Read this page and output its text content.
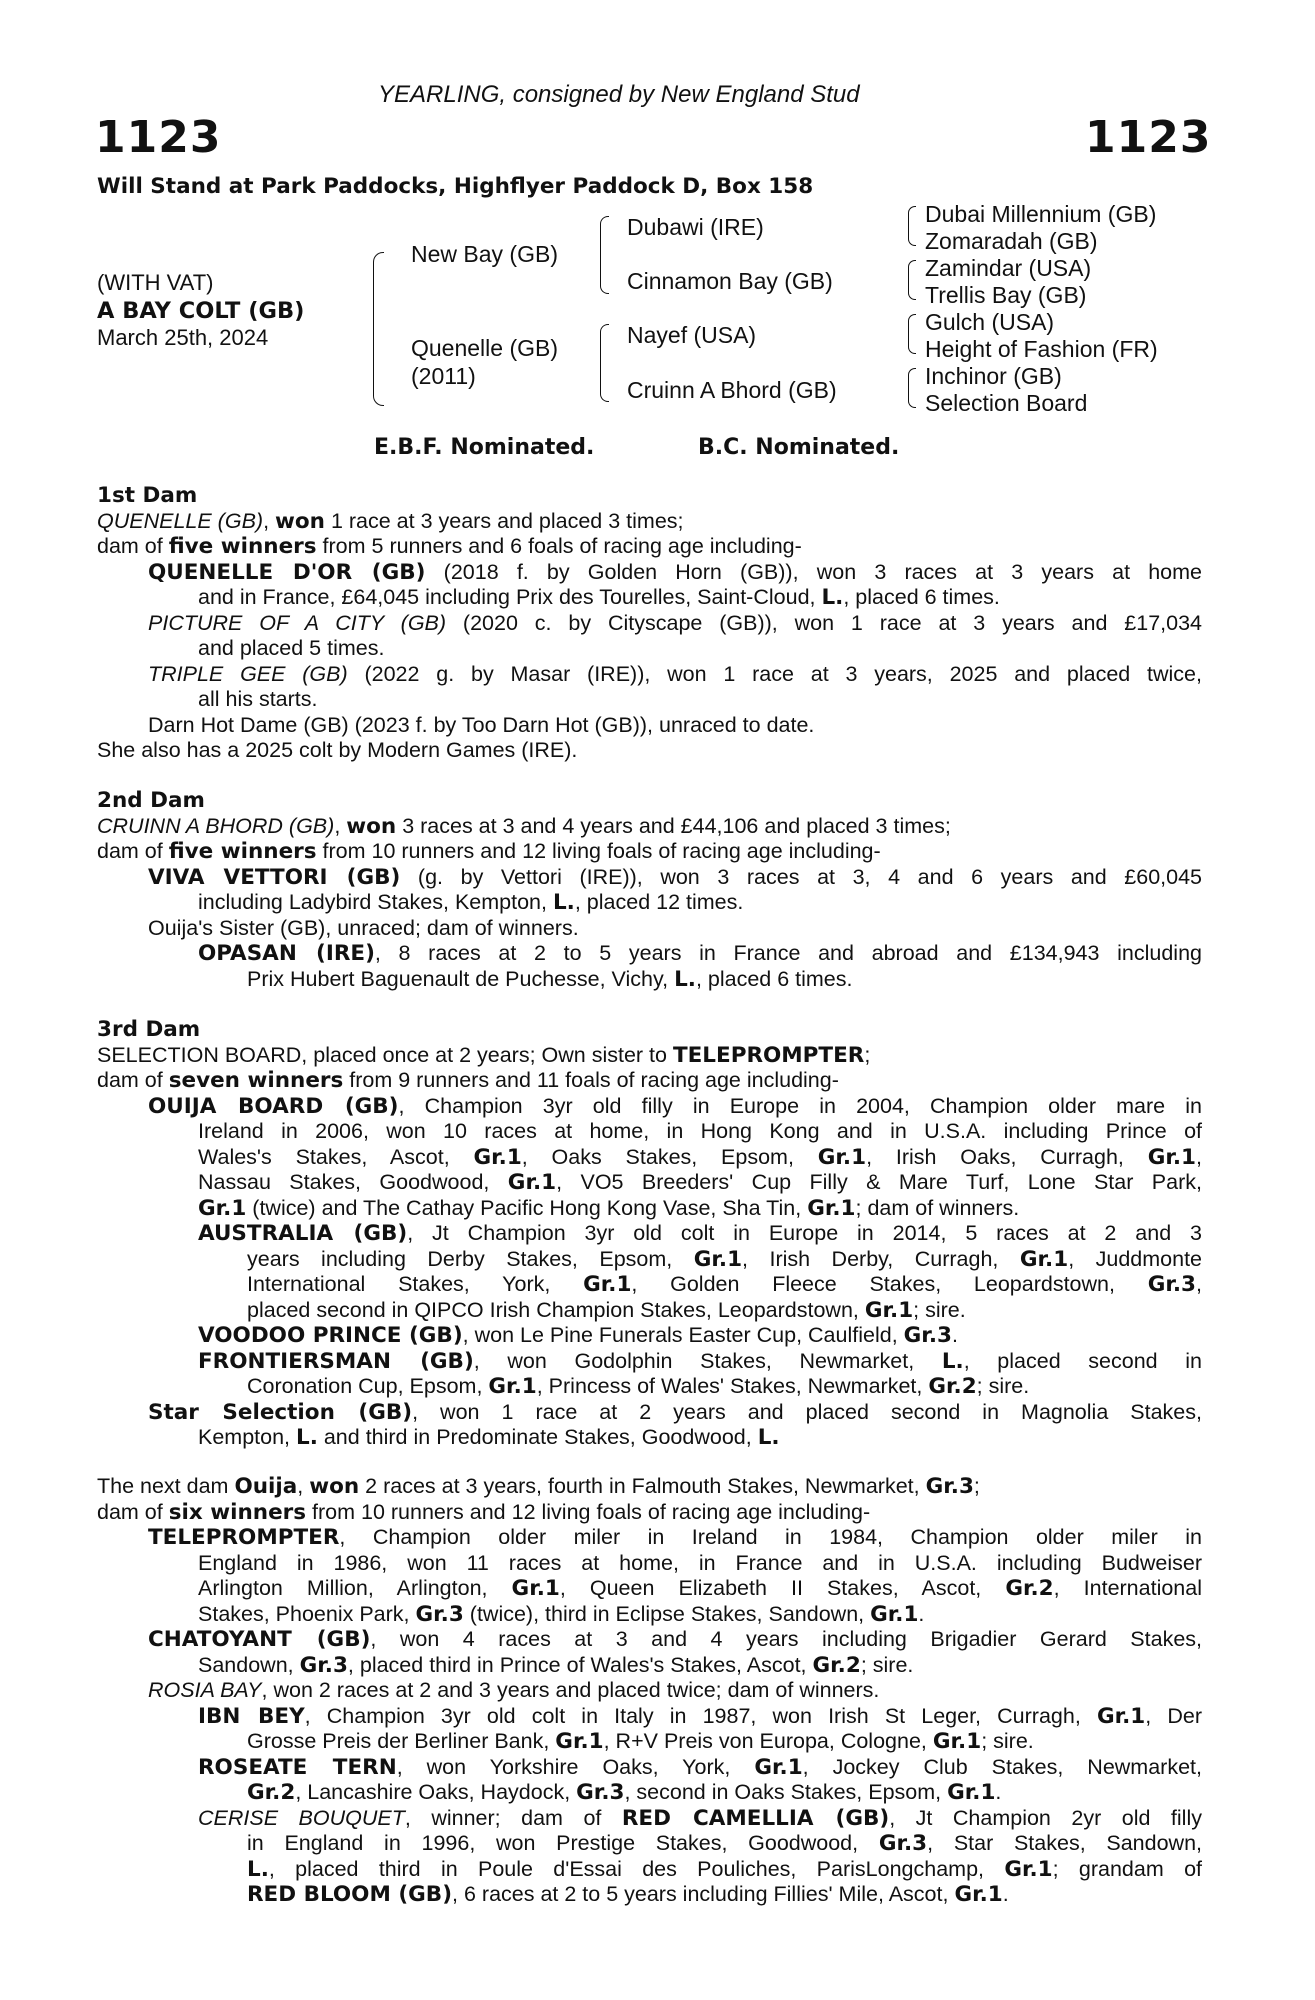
YEARLING, consigned by New England Stud
1123	1123
Will Stand at Park Paddocks, Highflyer Paddock D, Box 158
(WITH VAT)
A BAY COLT (GB)
March 25th, 2024
New Bay (GB)
Quenelle (GB)
(2011)
Dubawi (IRE)
Cinnamon Bay (GB)
Nayef (USA)
Cruinn A Bhord (GB)
Dubai Millennium (GB)
Zomaradah (GB)
Zamindar (USA)
Trellis Bay (GB)
Gulch (USA)
Height of Fashion (FR)
Inchinor (GB)
Selection Board
E.B.F. Nominated.	B.C. Nominated.
1st Dam
QUENELLE (GB), won 1 race at 3 years and placed 3 times;
dam of five winners from 5 runners and 6 foals of racing age including-
QUENELLE D'OR (GB) (2018 f. by Golden Horn (GB)), won 3 races at 3 years at home
and in France, £64,045 including Prix des Tourelles, Saint-Cloud, L., placed 6 times.
PICTURE OF A CITY (GB) (2020 c. by Cityscape (GB)), won 1 race at 3 years and £17,034
and placed 5 times.
TRIPLE GEE (GB) (2022 g. by Masar (IRE)), won 1 race at 3 years, 2025 and placed twice,
all his starts.
Darn Hot Dame (GB) (2023 f. by Too Darn Hot (GB)), unraced to date.
She also has a 2025 colt by Modern Games (IRE).
2nd Dam
CRUINN A BHORD (GB), won 3 races at 3 and 4 years and £44,106 and placed 3 times;
dam of five winners from 10 runners and 12 living foals of racing age including-
VIVA VETTORI (GB) (g. by Vettori (IRE)), won 3 races at 3, 4 and 6 years and £60,045
including Ladybird Stakes, Kempton, L., placed 12 times.
Ouija's Sister (GB), unraced; dam of winners.
OPASAN (IRE), 8 races at 2 to 5 years in France and abroad and £134,943 including
Prix Hubert Baguenault de Puchesse, Vichy, L., placed 6 times.
3rd Dam
SELECTION BOARD, placed once at 2 years; Own sister to TELEPROMPTER;
dam of seven winners from 9 runners and 11 foals of racing age including-
OUIJA BOARD (GB), Champion 3yr old filly in Europe in 2004, Champion older mare in
Ireland in 2006, won 10 races at home, in Hong Kong and in U.S.A. including Prince of
Wales's Stakes, Ascot, Gr.1, Oaks Stakes, Epsom, Gr.1, Irish Oaks, Curragh, Gr.1,
Nassau Stakes, Goodwood, Gr.1, VO5 Breeders' Cup Filly & Mare Turf, Lone Star Park,
Gr.1 (twice) and The Cathay Pacific Hong Kong Vase, Sha Tin, Gr.1; dam of winners.
AUSTRALIA (GB), Jt Champion 3yr old colt in Europe in 2014, 5 races at 2 and 3
years including Derby Stakes, Epsom, Gr.1, Irish Derby, Curragh, Gr.1, Juddmonte
International Stakes, York, Gr.1, Golden Fleece Stakes, Leopardstown, Gr.3,
placed second in QIPCO Irish Champion Stakes, Leopardstown, Gr.1; sire.
VOODOO PRINCE (GB), won Le Pine Funerals Easter Cup, Caulfield, Gr.3.
FRONTIERSMAN (GB), won Godolphin Stakes, Newmarket, L., placed second in
Coronation Cup, Epsom, Gr.1, Princess of Wales' Stakes, Newmarket, Gr.2; sire.
Star Selection (GB), won 1 race at 2 years and placed second in Magnolia Stakes,
Kempton, L. and third in Predominate Stakes, Goodwood, L.
The next dam Ouija, won 2 races at 3 years, fourth in Falmouth Stakes, Newmarket, Gr.3;
dam of six winners from 10 runners and 12 living foals of racing age including-
TELEPROMPTER, Champion older miler in Ireland in 1984, Champion older miler in
England in 1986, won 11 races at home, in France and in U.S.A. including Budweiser
Arlington Million, Arlington, Gr.1, Queen Elizabeth II Stakes, Ascot, Gr.2, International
Stakes, Phoenix Park, Gr.3 (twice), third in Eclipse Stakes, Sandown, Gr.1.
CHATOYANT (GB), won 4 races at 3 and 4 years including Brigadier Gerard Stakes,
Sandown, Gr.3, placed third in Prince of Wales's Stakes, Ascot, Gr.2; sire.
ROSIA BAY, won 2 races at 2 and 3 years and placed twice; dam of winners.
IBN BEY, Champion 3yr old colt in Italy in 1987, won Irish St Leger, Curragh, Gr.1, Der
Grosse Preis der Berliner Bank, Gr.1, R+V Preis von Europa, Cologne, Gr.1; sire.
ROSEATE TERN, won Yorkshire Oaks, York, Gr.1, Jockey Club Stakes, Newmarket,
Gr.2, Lancashire Oaks, Haydock, Gr.3, second in Oaks Stakes, Epsom, Gr.1.
CERISE BOUQUET, winner; dam of RED CAMELLIA (GB), Jt Champion 2yr old filly
in England in 1996, won Prestige Stakes, Goodwood, Gr.3, Star Stakes, Sandown,
L., placed third in Poule d'Essai des Pouliches, ParisLongchamp, Gr.1; grandam of
RED BLOOM (GB), 6 races at 2 to 5 years including Fillies' Mile, Ascot, Gr.1.
